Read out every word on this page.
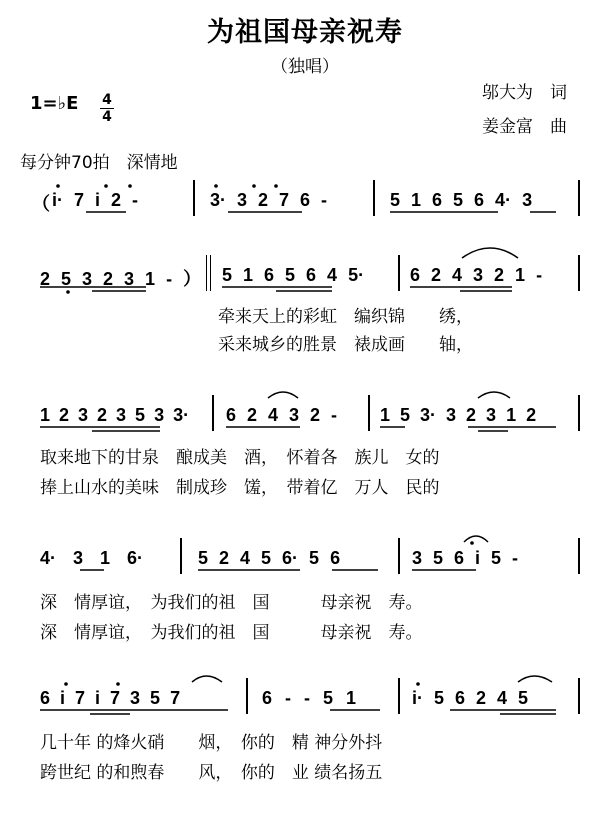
为祖国母亲祝寿
（独唱）
邬大为　词
姜金富　曲
1=♭E 4
4
每分钟70拍　深情地
（ i· 7 i 2 -	3· 3 2 7 6 -	5 1 6 5 6 4· 3
2 5 3 2 3 1 - ） 5 1 6 5 6 4 5·	6 2 4 3 2 1 -
牵来天上的彩虹　编织锦　　绣，
采来城乡的胜景　裱成画　　轴，
1 2 3 2 3 5 3 3· 6 2 4 3 2 - 1 5 3· 3 2 3 1 2
取来地下的甘泉　酿成美　酒，　怀着各　族儿　女的
捧上山水的美味　制成珍　馐，　带着亿　万人　民的
4· 3 1 6·	5 2 4 5 6· 5 6	3 5 6 i 5 -
深　情厚谊，　为我们的祖　国　　　母亲祝　寿。
深　情厚谊，　为我们的祖　国　　　母亲祝　寿。
6 i 7 i 7 3 5 7	6 - - 5 1	i· 5 6 2 4 5
几十年 的烽火硝　　烟，　你的　精 神分外抖
跨世纪 的和煦春　　风，　你的　业 绩名扬五
